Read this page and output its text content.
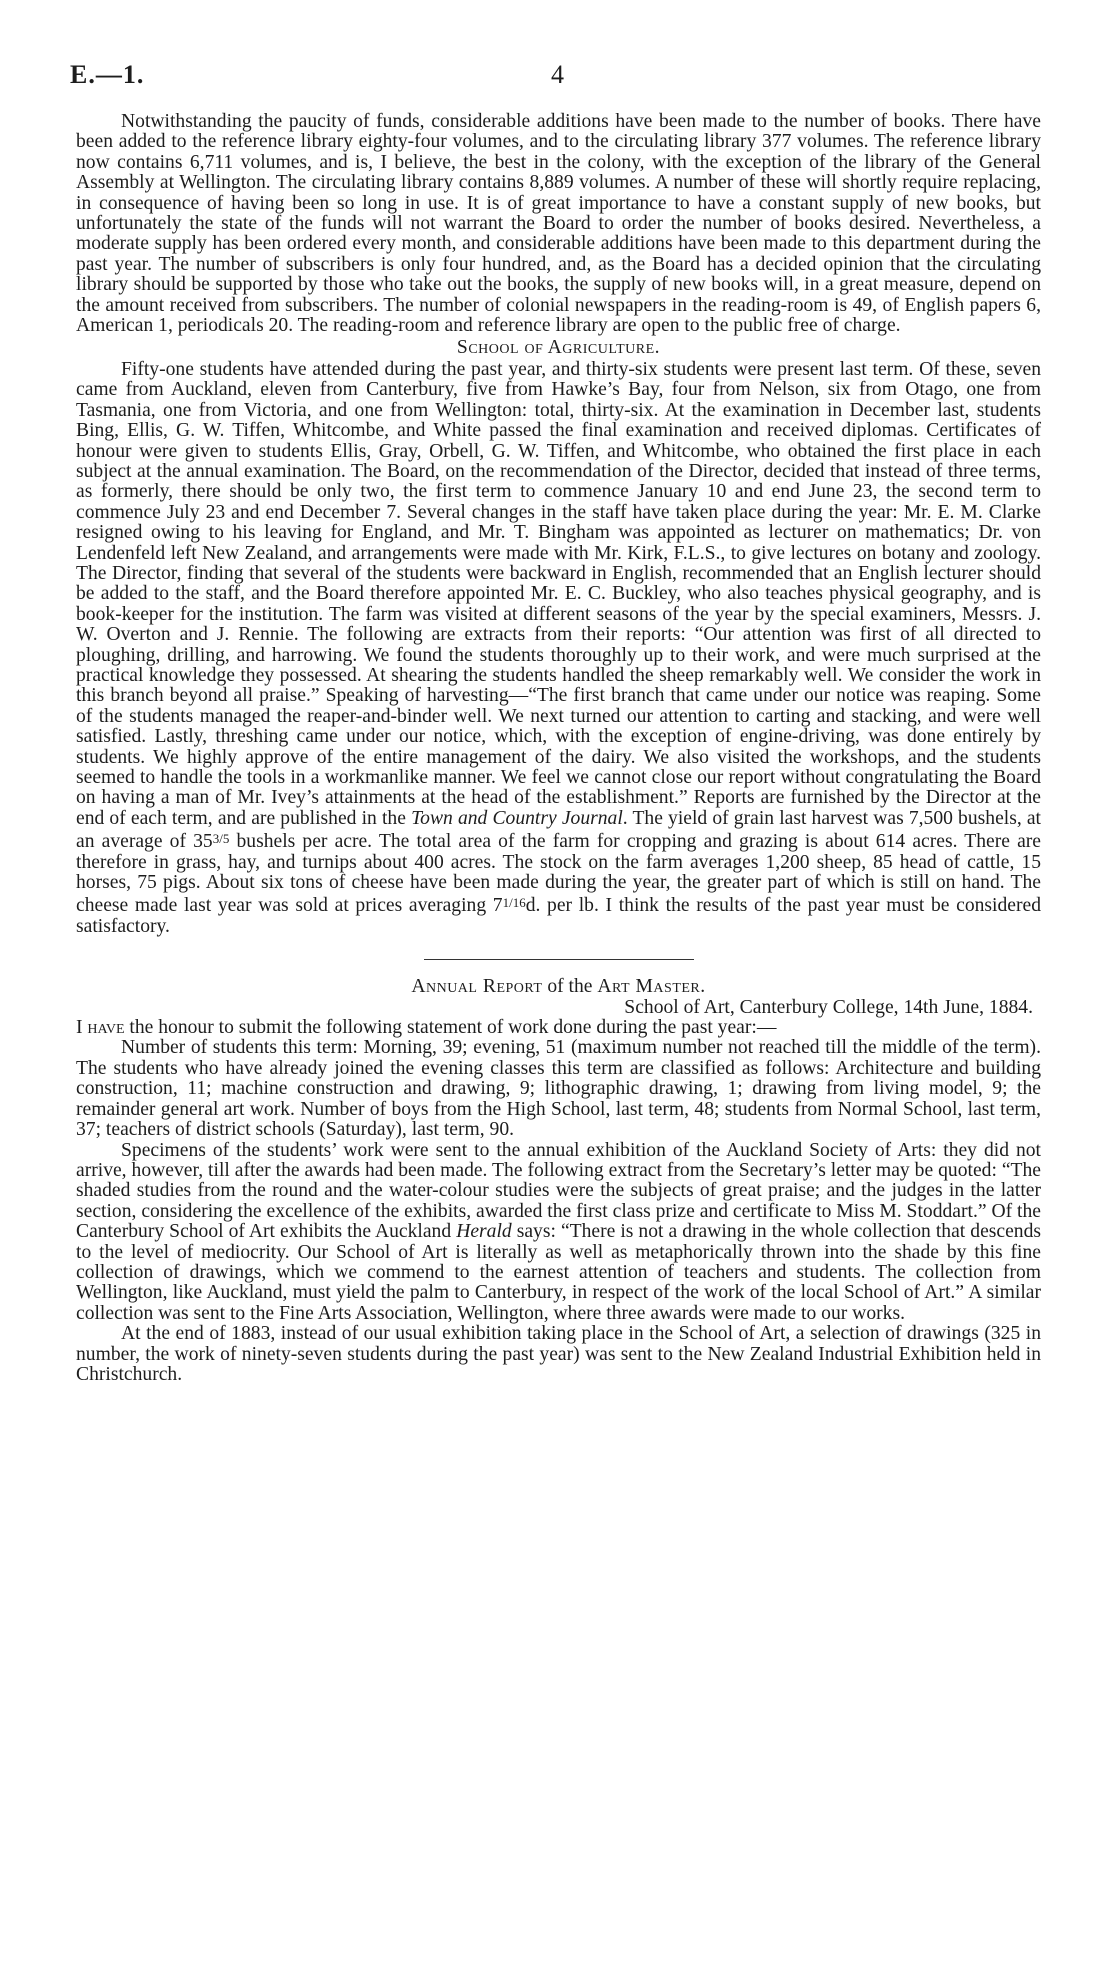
E.—1.	4

Notwithstanding the paucity of funds, considerable additions have been made to the number of books. There have been added to the reference library eighty-four volumes, and to the circulating library 377 volumes. The reference library now contains 6,711 volumes, and is, I believe, the best in the colony, with the exception of the library of the General Assembly at Wellington. The circulating library contains 8,889 volumes. A number of these will shortly require replacing, in consequence of having been so long in use. It is of great importance to have a constant supply of new books, but unfortunately the state of the funds will not warrant the Board to order the number of books desired. Nevertheless, a moderate supply has been ordered every month, and considerable additions have been made to this department during the past year. The number of subscribers is only four hundred, and, as the Board has a decided opinion that the circulating library should be supported by those who take out the books, the supply of new books will, in a great measure, depend on the amount received from subscribers. The number of colonial newspapers in the reading-room is 49, of English papers 6, American 1, periodicals 20. The reading-room and reference library are open to the public free of charge.

School of Agriculture.

Fifty-one students have attended during the past year, and thirty-six students were present last term. Of these, seven came from Auckland, eleven from Canterbury, five from Hawke’s Bay, four from Nelson, six from Otago, one from Tasmania, one from Victoria, and one from Wellington: total, thirty-six. At the examination in December last, students Bing, Ellis, G. W. Tiffen, Whitcombe, and White passed the final examination and received diplomas. Certificates of honour were given to students Ellis, Gray, Orbell, G. W. Tiffen, and Whitcombe, who obtained the first place in each subject at the annual examination. The Board, on the recommendation of the Director, decided that instead of three terms, as formerly, there should be only two, the first term to commence January 10 and end June 23, the second term to commence July 23 and end December 7. Several changes in the staff have taken place during the year: Mr. E. M. Clarke resigned owing to his leaving for England, and Mr. T. Bingham was appointed as lecturer on mathematics; Dr. von Lendenfeld left New Zealand, and arrangements were made with Mr. Kirk, F.L.S., to give lectures on botany and zoology. The Director, finding that several of the students were backward in English, recommended that an English lecturer should be added to the staff, and the Board therefore appointed Mr. E. C. Buckley, who also teaches physical geography, and is book-keeper for the institution. The farm was visited at different seasons of the year by the special examiners, Messrs. J. W. Overton and J. Rennie. The following are extracts from their reports: “Our attention was first of all directed to ploughing, drilling, and harrowing. We found the students thoroughly up to their work, and were much surprised at the practical knowledge they possessed. At shearing the students handled the sheep remarkably well. We consider the work in this branch beyond all praise.” Speaking of harvesting—“The first branch that came under our notice was reaping. Some of the students managed the reaper-and-binder well. We next turned our attention to carting and stacking, and were well satisfied. Lastly, threshing came under our notice, which, with the exception of engine-driving, was done entirely by students. We highly approve of the entire management of the dairy. We also visited the workshops, and the students seemed to handle the tools in a workmanlike manner. We feel we cannot close our report without congratulating the Board on having a man of Mr. Ivey’s attainments at the head of the establishment.” Reports are furnished by the Director at the end of each term, and are published in the Town and Country Journal. The yield of grain last harvest was 7,500 bushels, at an average of $35^{3/5}$ bushels per acre. The total area of the farm for cropping and grazing is about 614 acres. There are therefore in grass, hay, and turnips about 400 acres. The stock on the farm averages 1,200 sheep, 85 head of cattle, 15 horses, 75 pigs. About six tons of cheese have been made during the year, the greater part of which is still on hand. The cheese made last year was sold at prices averaging $7^{1/16}d$. per lb. I think the results of the past year must be considered satisfactory.

Annual Report of the Art Master.
School of Art, Canterbury College, 14th June, 1884.

I have the honour to submit the following statement of work done during the past year:—

Number of students this term: Morning, 39; evening, 51 (maximum number not reached till the middle of the term). The students who have already joined the evening classes this term are classified as follows: Architecture and building construction, 11; machine construction and drawing, 9; lithographic drawing, 1; drawing from living model, 9; the remainder general art work. Number of boys from the High School, last term, 48; students from Normal School, last term, 37; teachers of district schools (Saturday), last term, 90.

Specimens of the students’ work were sent to the annual exhibition of the Auckland Society of Arts: they did not arrive, however, till after the awards had been made. The following extract from the Secretary’s letter may be quoted: “The shaded studies from the round and the water-colour studies were the subjects of great praise; and the judges in the latter section, considering the excellence of the exhibits, awarded the first class prize and certificate to Miss M. Stoddart.” Of the Canterbury School of Art exhibits the Auckland Herald says: “There is not a drawing in the whole collection that descends to the level of mediocrity. Our School of Art is literally as well as metaphorically thrown into the shade by this fine collection of drawings, which we commend to the earnest attention of teachers and students. The collection from Wellington, like Auckland, must yield the palm to Canterbury, in respect of the work of the local School of Art.” A similar collection was sent to the Fine Arts Association, Wellington, where three awards were made to our works.

At the end of 1883, instead of our usual exhibition taking place in the School of Art, a selection of drawings (325 in number, the work of ninety-seven students during the past year) was sent to the New Zealand Industrial Exhibition held in Christchurch.
